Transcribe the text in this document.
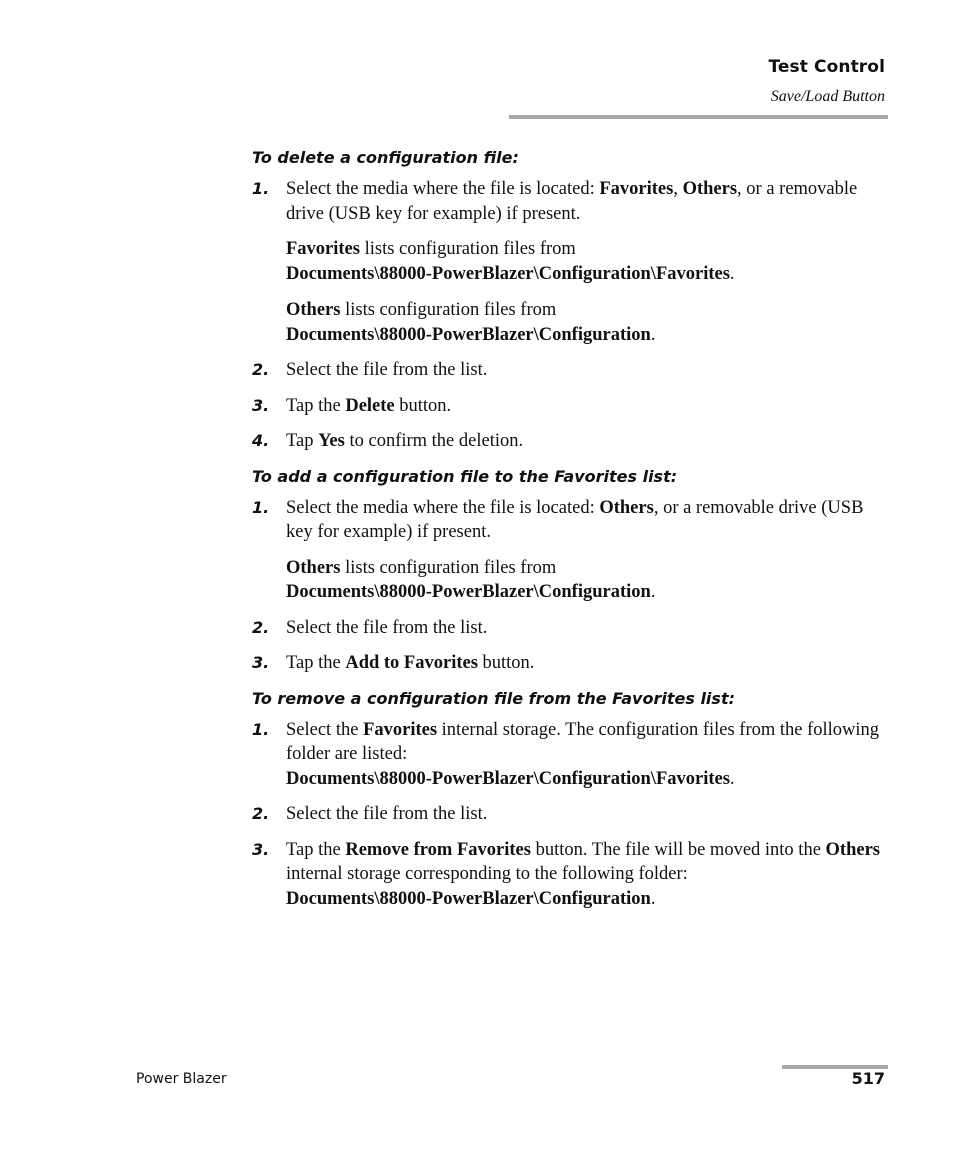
Test Control
Save/Load Button

To delete a configuration file:

1. Select the media where the file is located: Favorites, Others, or a removable drive (USB key for example) if present.
Favorites lists configuration files from
Documents\88000-PowerBlazer\Configuration\Favorites.
Others lists configuration files from
Documents\88000-PowerBlazer\Configuration.
2. Select the file from the list.
3. Tap the Delete button.
4. Tap Yes to confirm the deletion.

To add a configuration file to the Favorites list:

1. Select the media where the file is located: Others, or a removable drive (USB key for example) if present.
Others lists configuration files from
Documents\88000-PowerBlazer\Configuration.
2. Select the file from the list.
3. Tap the Add to Favorites button.

To remove a configuration file from the Favorites list:

1. Select the Favorites internal storage. The configuration files from the following folder are listed:
Documents\88000-PowerBlazer\Configuration\Favorites.
2. Select the file from the list.
3. Tap the Remove from Favorites button. The file will be moved into the Others internal storage corresponding to the following folder:
Documents\88000-PowerBlazer\Configuration.
Power Blazer	517
